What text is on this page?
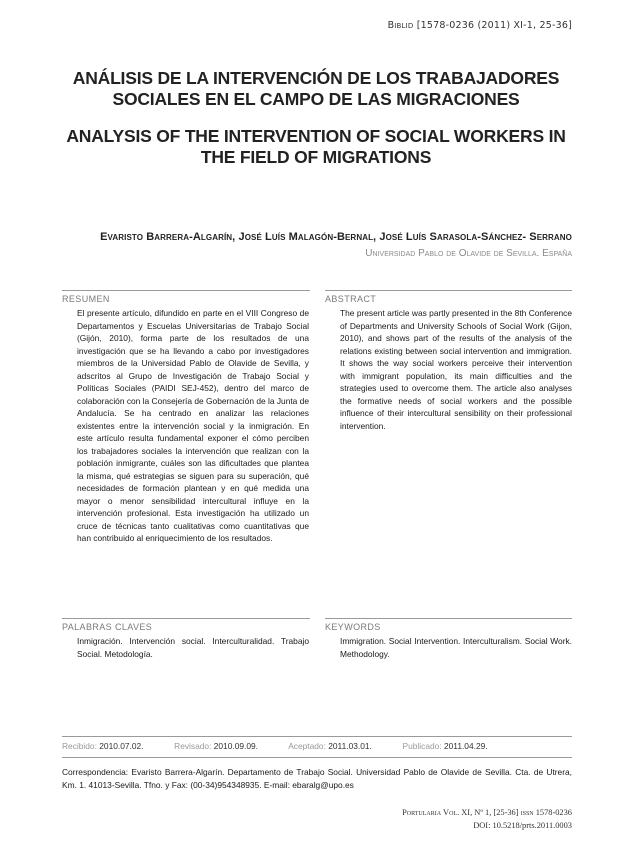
Biblid [1578-0236 (2011) XI-1, 25-36]
ANÁLISIS DE LA INTERVENCIÓN DE LOS TRABAJADORES
SOCIALES EN EL CAMPO DE LAS MIGRACIONES
ANALYSIS OF THE INTERVENTION OF SOCIAL WORKERS IN
THE FIELD OF MIGRATIONS
Evaristo Barrera-Algarín, José Luís Malagón-Bernal, José Luís Sarasola-Sánchez- Serrano
Universidad Pablo de Olavide de Sevilla. España
RESUMEN
El presente artículo, difundido en parte en el VIII Congreso de Departamentos y Escuelas Universitarias de Trabajo Social (Gijón, 2010), forma parte de los resultados de una investigación que se ha llevando a cabo por investigadores miembros de la Universidad Pablo de Olavide de Sevilla, y adscritos al Grupo de Investigación de Trabajo Social y Políticas Sociales (PAIDI SEJ-452), dentro del marco de colaboración con la Consejería de Gobernación de la Junta de Andalucía. Se ha centrado en analizar las relaciones existentes entre la intervención social y la inmigración. En este artículo resulta fundamental exponer el cómo perciben los trabajadores sociales la intervención que realizan con la población inmigrante, cuáles son las dificultades que plantea la misma, qué estrategias se siguen para su superación, qué necesidades de formación plantean y en qué medida una mayor o menor sensibilidad intercultural influye en la intervención profesional. Esta investigación ha utilizado un cruce de técnicas tanto cualitativas como cuantitativas que han contribuido al enriquecimiento de los resultados.
ABSTRACT
The present article was partly presented in the 8th Conference of Departments and University Schools of Social Work (Gijon, 2010), and shows part of the results of the analysis of the relations existing between social intervention and immigration. It shows the way social workers perceive their intervention with immigrant population, its main difficulties and the strategies used to overcome them. The article also analyses the formative needs of social workers and the possible influence of their intercultural sensibility on their professional intervention.
PALABRAS CLAVES
Inmigración. Intervención social. Interculturalidad. Trabajo Social. Metodología.
KEYWORDS
Immigration. Social Intervention. Interculturalism. Social Work. Methodology.
Recibido: 2010.07.02.	Revisado: 2010.09.09.	Aceptado: 2011.03.01.	Publicado: 2011.04.29.
Correspondencia: Evaristo Barrera-Algarín. Departamento de Trabajo Social. Universidad Pablo de Olavide de Sevilla. Cta. de Utrera, Km. 1. 41013-Sevilla. Tfno. y Fax: (00-34)954348935. E-mail: ebaralg@upo.es
Portularia Vol. XI, Nº 1, [25-36] issn 1578-0236
DOI: 10.5218/prts.2011.0003
